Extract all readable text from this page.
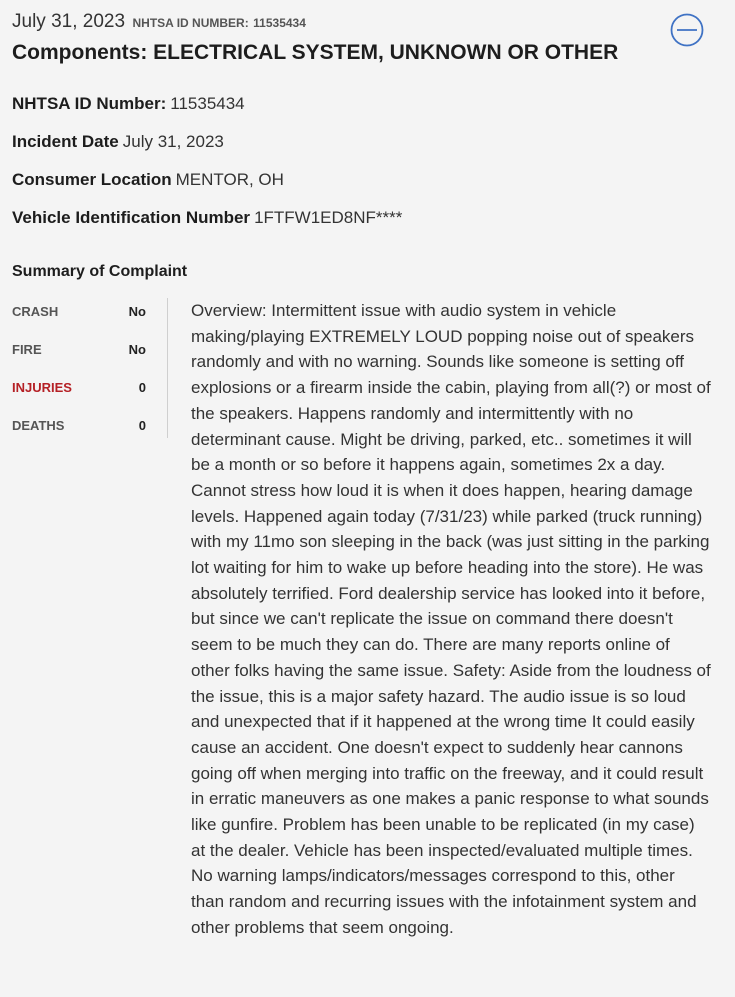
July 31, 2023 NHTSA ID NUMBER: 11535434
Components: ELECTRICAL SYSTEM, UNKNOWN OR OTHER
NHTSA ID Number: 11535434
Incident Date July 31, 2023
Consumer Location MENTOR, OH
Vehicle Identification Number 1FTFW1ED8NF****
Summary of Complaint
CRASH	No
FIRE	No
INJURIES	0
DEATHS	0

Overview: Intermittent issue with audio system in vehicle making/playing EXTREMELY LOUD popping noise out of speakers randomly and with no warning. Sounds like someone is setting off explosions or a firearm inside the cabin, playing from all(?) or most of the speakers. Happens randomly and intermittently with no determinant cause. Might be driving, parked, etc.. sometimes it will be a month or so before it happens again, sometimes 2x a day. Cannot stress how loud it is when it does happen, hearing damage levels. Happened again today (7/31/23) while parked (truck running) with my 11mo son sleeping in the back (was just sitting in the parking lot waiting for him to wake up before heading into the store). He was absolutely terrified. Ford dealership service has looked into it before, but since we can't replicate the issue on command there doesn't seem to be much they can do. There are many reports online of other folks having the same issue. Safety: Aside from the loudness of the issue, this is a major safety hazard. The audio issue is so loud and unexpected that if it happened at the wrong time It could easily cause an accident. One doesn't expect to suddenly hear cannons going off when merging into traffic on the freeway, and it could result in erratic maneuvers as one makes a panic response to what sounds like gunfire. Problem has been unable to be replicated (in my case) at the dealer. Vehicle has been inspected/evaluated multiple times. No warning lamps/indicators/messages correspond to this, other than random and recurring issues with the infotainment system and other problems that seem ongoing.
